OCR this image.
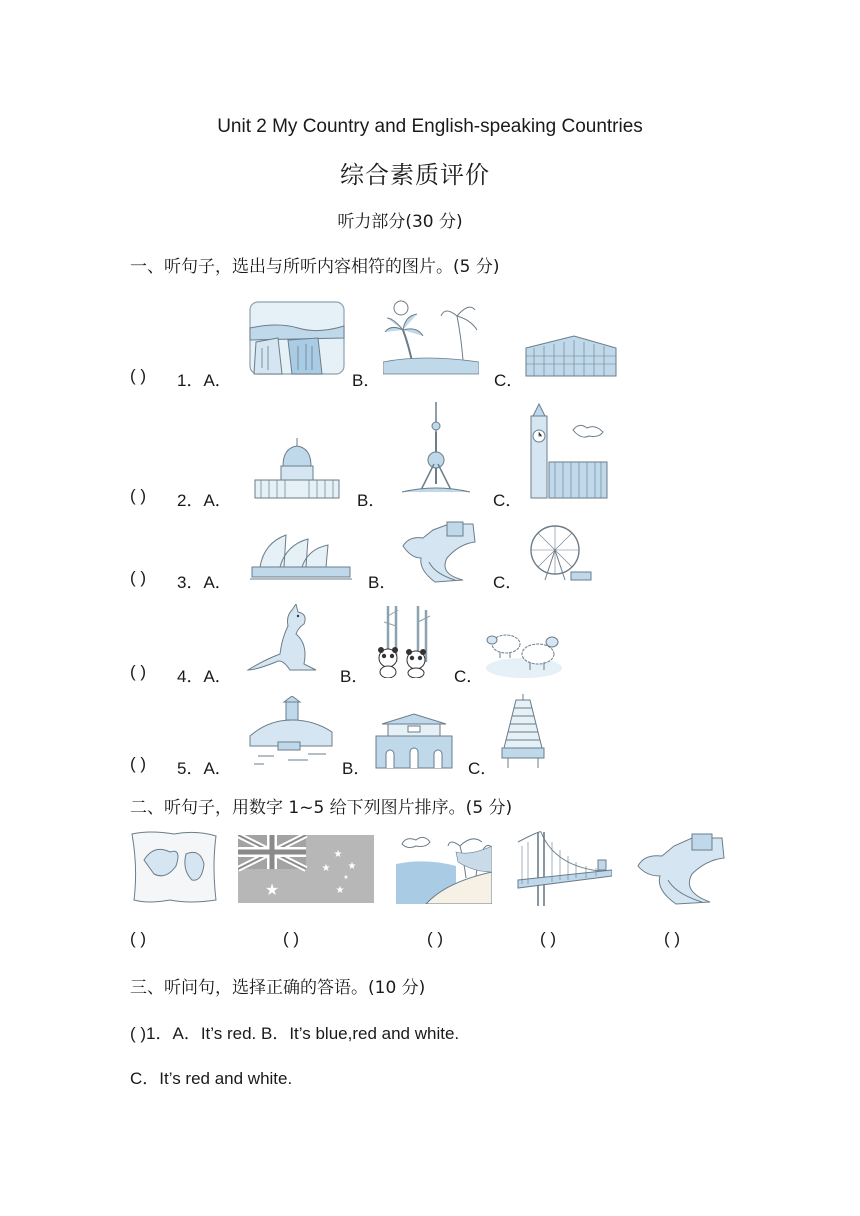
Unit 2 My Country and English-speaking Countries
综合素质评价
听力部分(30 分)
一、听句子，选出与所听内容相符的图片。(5 分)
( ) 1．A．	B．	C．
( ) 2．A．	B．	C．
( ) 3．A．	B．	C．
( ) 4．A．	B．	C．
( ) 5．A．	B．	C．
二、听句子，用数字 1~5 给下列图片排序。(5 分)
★
★
★ ★
★
★
( )	( )	( )	( )	( )
三、听问句，选择正确的答语。(10 分)
( )1．A．It’s red. B．It’s blue,red and white.
C．It’s red and white.
